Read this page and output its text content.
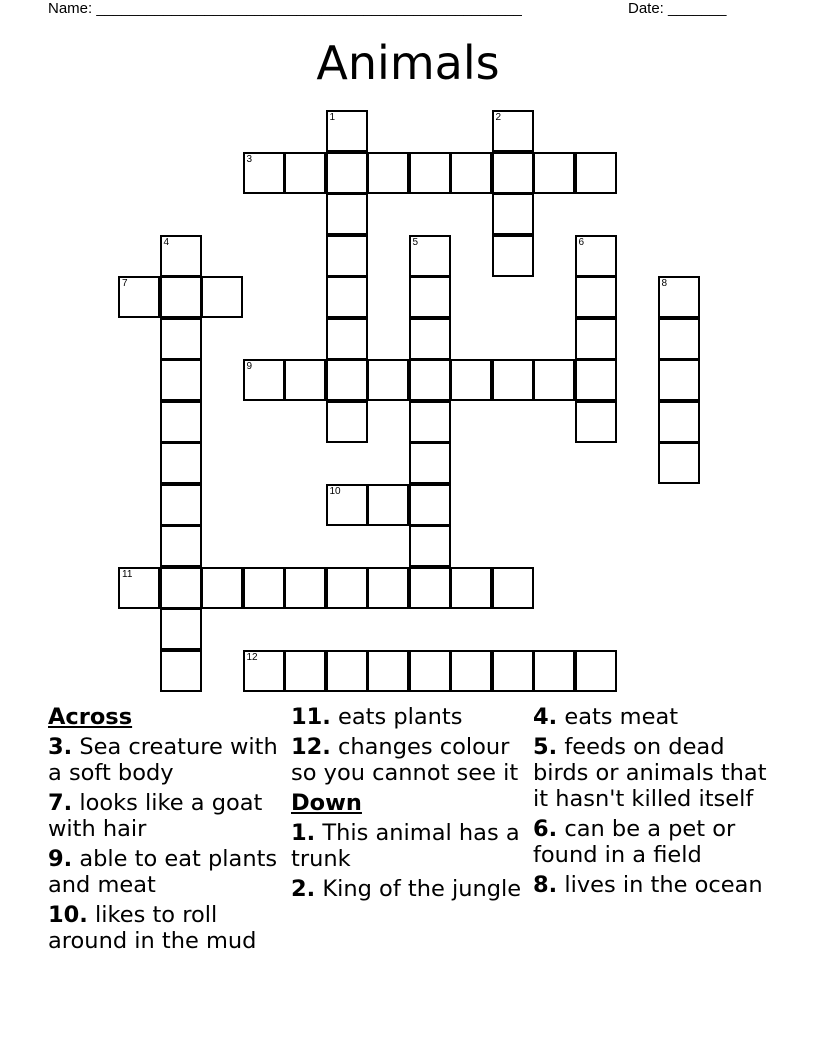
Name: ___________________________________________________	Date: _______
Animals
1	2
3
4	5	6
7	8
9
10
11
12
Across
3. Sea creature with a soft body
7. looks like a goat with hair
9. able to eat plants and meat
10. likes to roll around in the mud
11. eats plants
12. changes colour so you cannot see it
Down
1. This animal has a trunk
2. King of the jungle
4. eats meat
5. feeds on dead birds or animals that it hasn't killed itself
6. can be a pet or found in a field
8. lives in the ocean
